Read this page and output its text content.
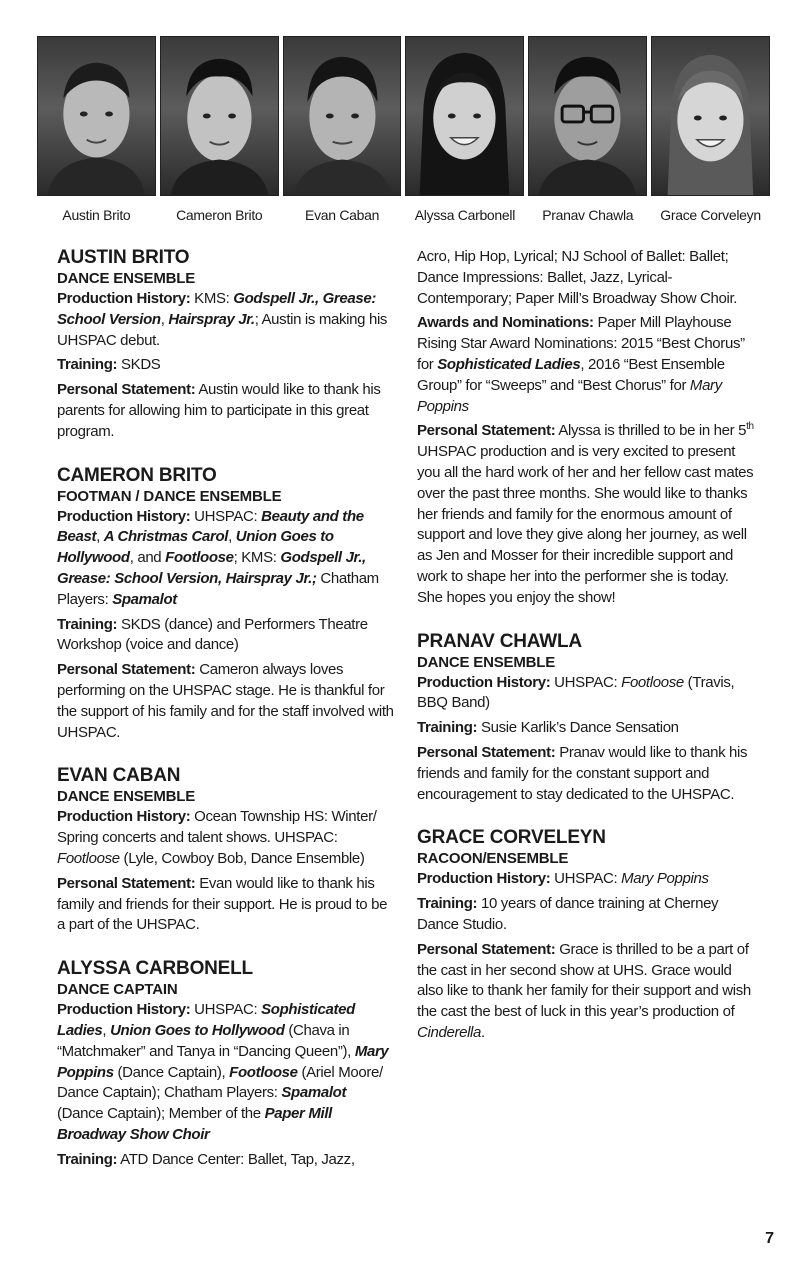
Austin Brito	Cameron Brito	Evan Caban	Alyssa Carbonell	Pranav Chawla	Grace Corveleyn
AUSTIN BRITO
DANCE ENSEMBLE

Production History: KMS: Godspell Jr., Grease: School Version, Hairspray Jr.; Austin is making his UHSPAC debut.

Training: SKDS

Personal Statement: Austin would like to thank his parents for allowing him to participate in this great program.

CAMERON BRITO
FOOTMAN / DANCE ENSEMBLE

Production History: UHSPAC: Beauty and the Beast, A Christmas Carol, Union Goes to Hollywood, and Footloose; KMS: Godspell Jr., Grease: School Version, Hairspray Jr.; Chatham Players: Spamalot

Training: SKDS (dance) and Performers Theatre Workshop (voice and dance)

Personal Statement: Cameron always loves performing on the UHSPAC stage. He is thankful for the support of his family and for the staff involved with UHSPAC.

EVAN CABAN
DANCE ENSEMBLE

Production History: Ocean Township HS: Winter/ Spring concerts and talent shows. UHSPAC: Footloose (Lyle, Cowboy Bob, Dance Ensemble)

Personal Statement: Evan would like to thank his family and friends for their support. He is proud to be a part of the UHSPAC.

ALYSSA CARBONELL
DANCE CAPTAIN

Production History: UHSPAC: Sophisticated Ladies, Union Goes to Hollywood (Chava in “Matchmaker” and Tanya in “Dancing Queen”), Mary Poppins (Dance Captain), Footloose (Ariel Moore/ Dance Captain); Chatham Players: Spamalot (Dance Captain); Member of the Paper Mill Broadway Show Choir

Training: ATD Dance Center: Ballet, Tap, Jazz,

Acro, Hip Hop, Lyrical; NJ School of Ballet: Ballet; Dance Impressions: Ballet, Jazz, Lyrical-Contemporary; Paper Mill’s Broadway Show Choir.

Awards and Nominations: Paper Mill Playhouse Rising Star Award Nominations: 2015 “Best Chorus” for Sophisticated Ladies, 2016 “Best Ensemble Group” for “Sweeps” and “Best Chorus” for Mary Poppins

Personal Statement: Alyssa is thrilled to be in her 5th UHSPAC production and is very excited to present you all the hard work of her and her fellow cast mates over the past three months. She would like to thanks her friends and family for the enormous amount of support and love they give along her journey, as well as Jen and Mosser for their incredible support and work to shape her into the performer she is today. She hopes you enjoy the show!

PRANAV CHAWLA
DANCE ENSEMBLE

Production History: UHSPAC: Footloose (Travis, BBQ Band)

Training: Susie Karlik’s Dance Sensation

Personal Statement: Pranav would like to thank his friends and family for the constant support and encouragement to stay dedicated to the UHSPAC.

GRACE CORVELEYN
RACOON/ENSEMBLE

Production History: UHSPAC: Mary Poppins

Training: 10 years of dance training at Cherney Dance Studio.

Personal Statement: Grace is thrilled to be a part of the cast in her second show at UHS. Grace would also like to thank her family for their support and wish the cast the best of luck in this year’s production of Cinderella.

7
